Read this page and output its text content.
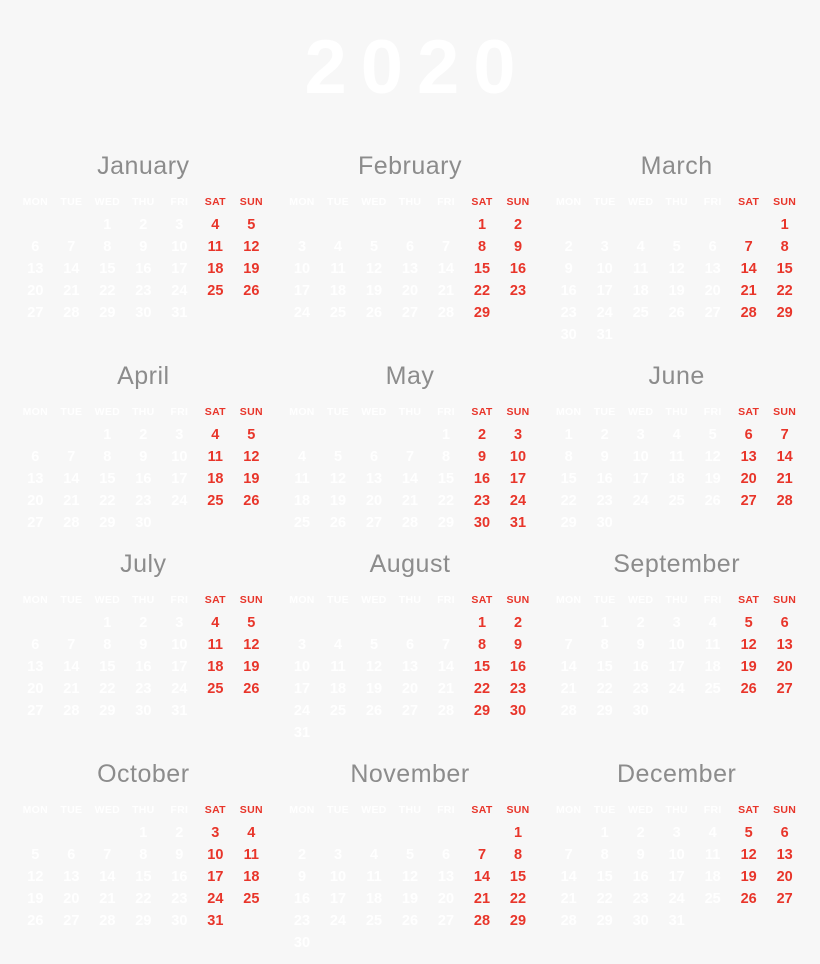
2020
January
MON	TUE	WED	THU	FRI	SAT	SUN
		1	2	3	4	5
6	7	8	9	10	11	12
13	14	15	16	17	18	19
20	21	22	23	24	25	26
27	28	29	30	31		
February
MON	TUE	WED	THU	FRI	SAT	SUN
					1	2
3	4	5	6	7	8	9
10	11	12	13	14	15	16
17	18	19	20	21	22	23
24	25	26	27	28	29	
March
MON	TUE	WED	THU	FRI	SAT	SUN
						1
2	3	4	5	6	7	8
9	10	11	12	13	14	15
16	17	18	19	20	21	22
23	24	25	26	27	28	29
30	31					
April
MON	TUE	WED	THU	FRI	SAT	SUN
		1	2	3	4	5
6	7	8	9	10	11	12
13	14	15	16	17	18	19
20	21	22	23	24	25	26
27	28	29	30			
May
MON	TUE	WED	THU	FRI	SAT	SUN
				1	2	3
4	5	6	7	8	9	10
11	12	13	14	15	16	17
18	19	20	21	22	23	24
25	26	27	28	29	30	31
June
MON	TUE	WED	THU	FRI	SAT	SUN
1	2	3	4	5	6	7
8	9	10	11	12	13	14
15	16	17	18	19	20	21
22	23	24	25	26	27	28
29	30					
July
MON	TUE	WED	THU	FRI	SAT	SUN
		1	2	3	4	5
6	7	8	9	10	11	12
13	14	15	16	17	18	19
20	21	22	23	24	25	26
27	28	29	30	31		
August
MON	TUE	WED	THU	FRI	SAT	SUN
					1	2
3	4	5	6	7	8	9
10	11	12	13	14	15	16
17	18	19	20	21	22	23
24	25	26	27	28	29	30
31						
September
MON	TUE	WED	THU	FRI	SAT	SUN
	1	2	3	4	5	6
7	8	9	10	11	12	13
14	15	16	17	18	19	20
21	22	23	24	25	26	27
28	29	30				
October
MON	TUE	WED	THU	FRI	SAT	SUN
			1	2	3	4
5	6	7	8	9	10	11
12	13	14	15	16	17	18
19	20	21	22	23	24	25
26	27	28	29	30	31	
November
MON	TUE	WED	THU	FRI	SAT	SUN
						1
2	3	4	5	6	7	8
9	10	11	12	13	14	15
16	17	18	19	20	21	22
23	24	25	26	27	28	29
30						
December
MON	TUE	WED	THU	FRI	SAT	SUN
	1	2	3	4	5	6
7	8	9	10	11	12	13
14	15	16	17	18	19	20
21	22	23	24	25	26	27
28	29	30	31			
